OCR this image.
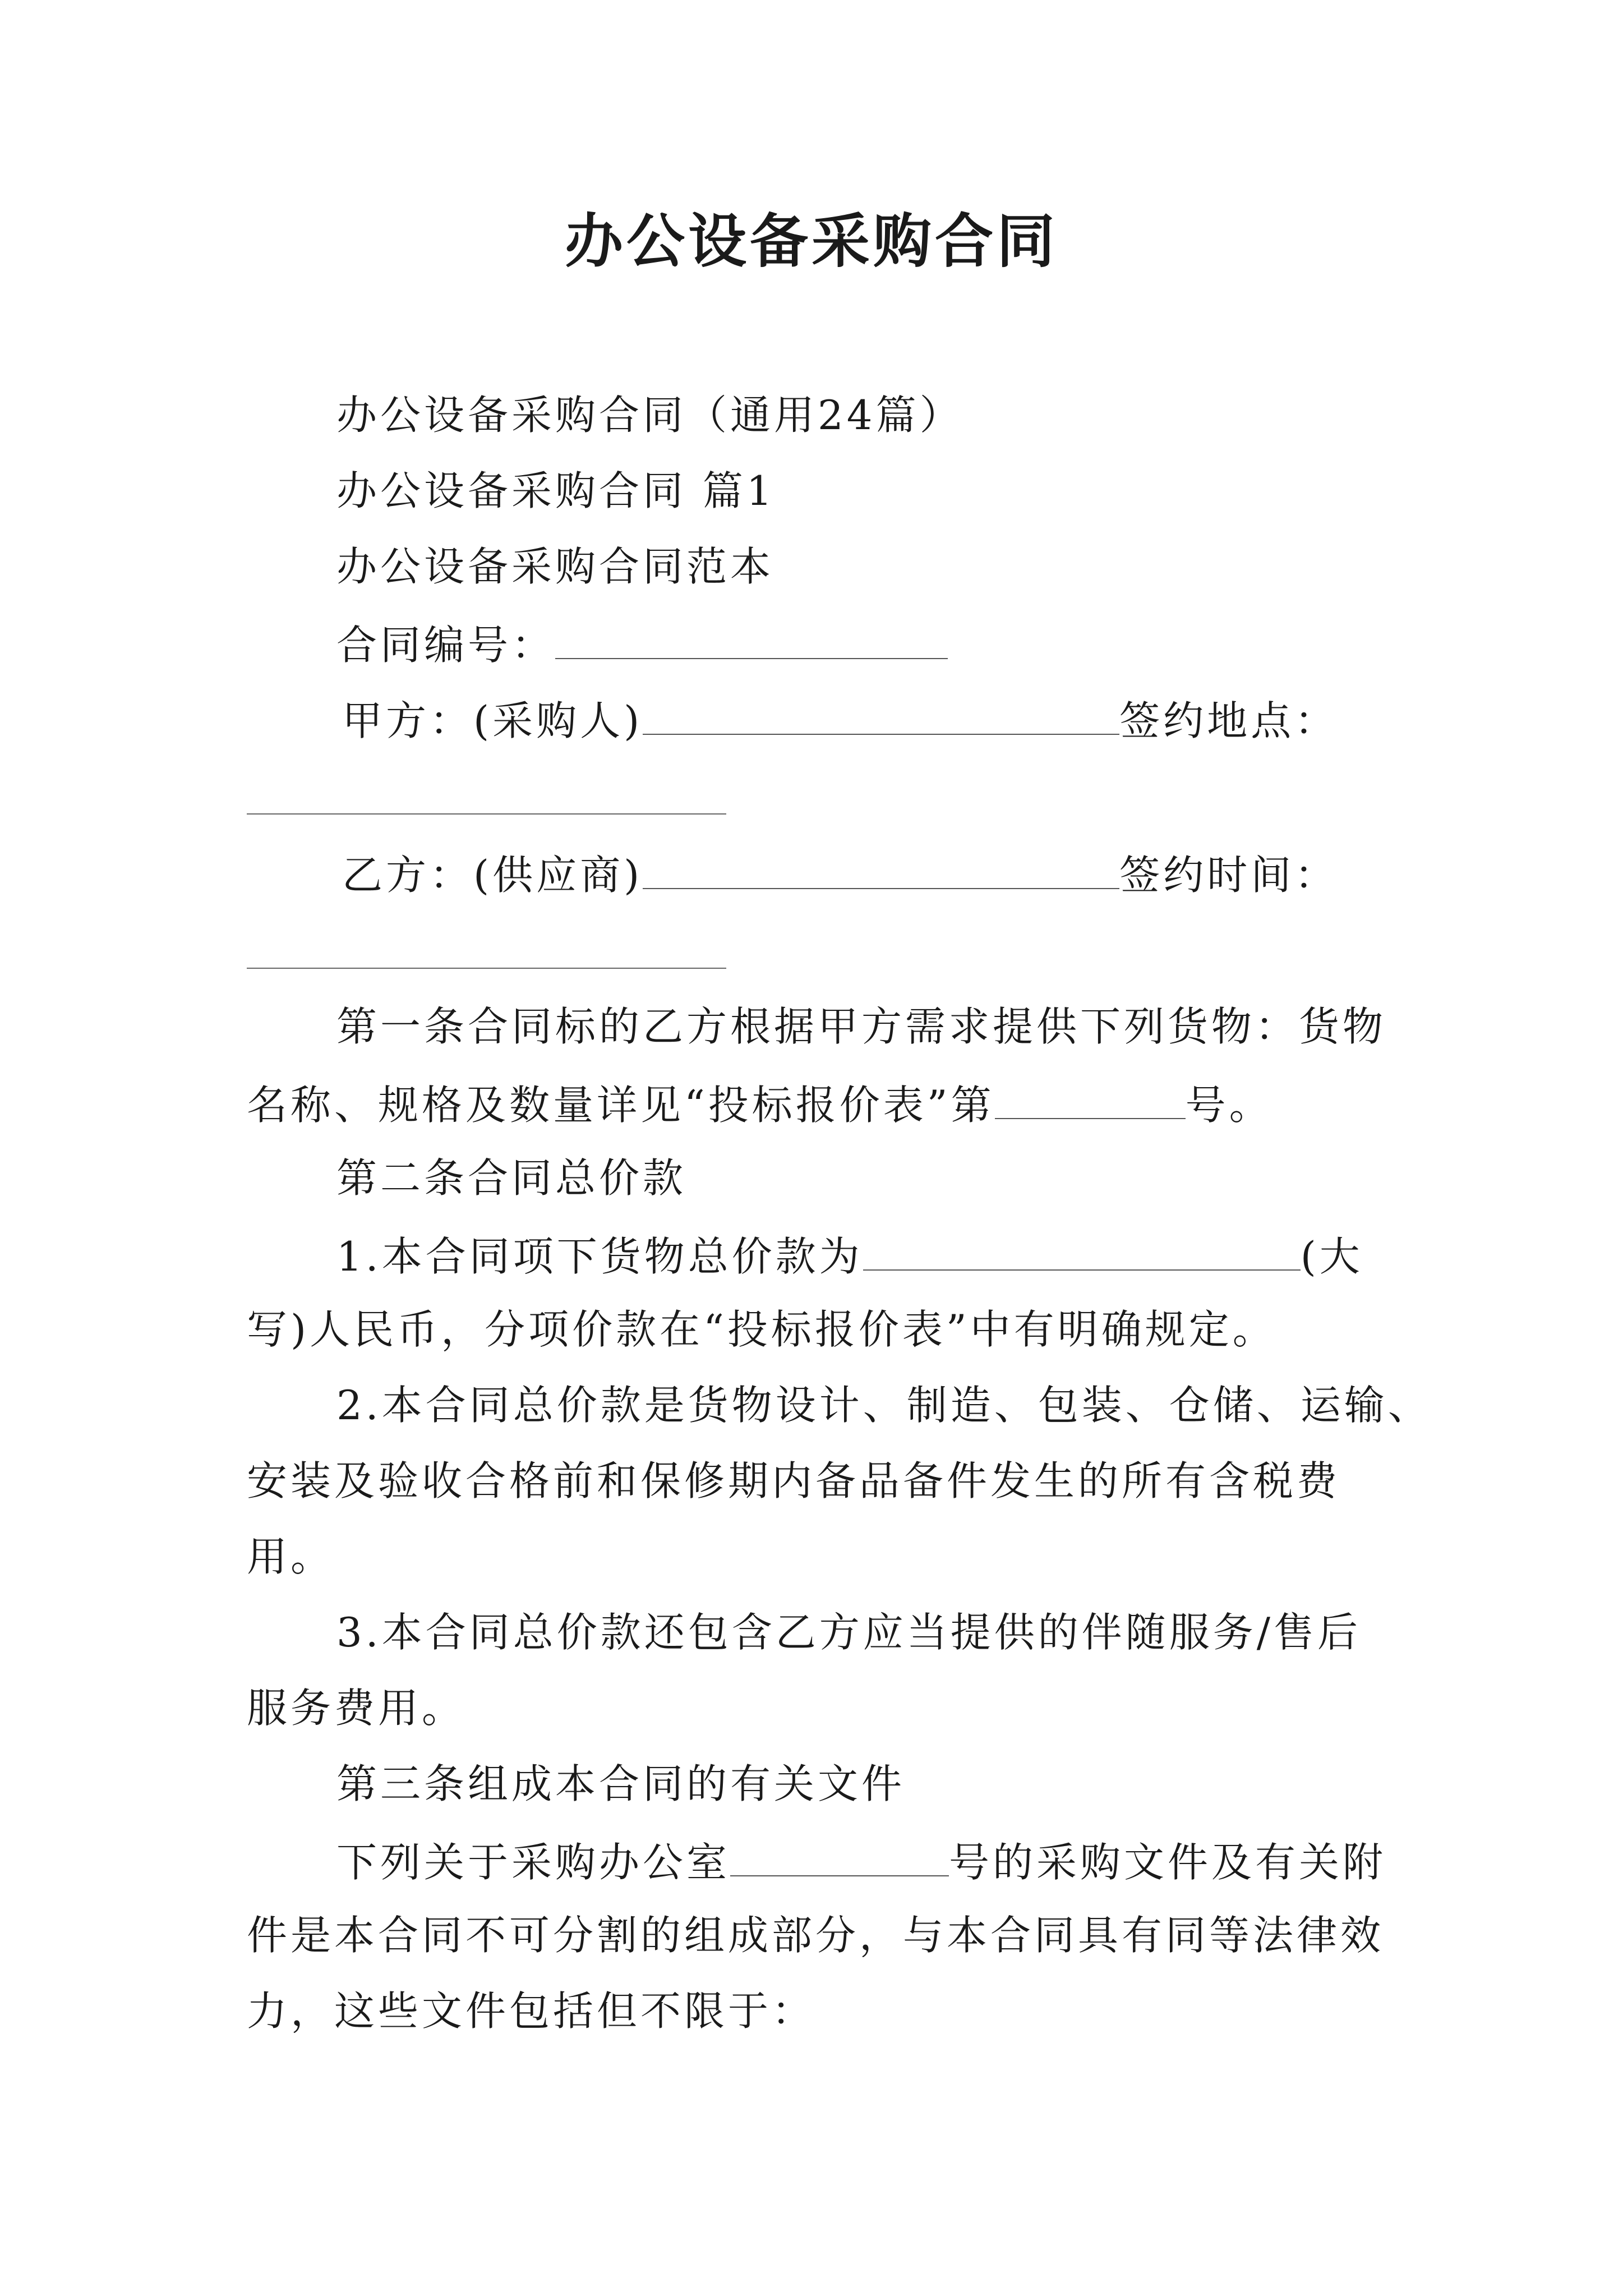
办公设备采购合同
办公设备采购合同（通用24篇）
办公设备采购合同 篇1
办公设备采购合同范本
合同编号：
甲方：(采购人)	签约地点：
乙方：(供应商)	签约时间：
第一条合同标的乙方根据甲方需求提供下列货物：货物
名称、规格及数量详见“投标报价表”第	号。
第二条合同总价款
1.本合同项下货物总价款为	(大
写)人民币，分项价款在“投标报价表”中有明确规定。
2.本合同总价款是货物设计、制造、包装、仓储、运输、
安装及验收合格前和保修期内备品备件发生的所有含税费
用。
3.本合同总价款还包含乙方应当提供的伴随服务/售后
服务费用。
第三条组成本合同的有关文件
下列关于采购办公室	号的采购文件及有关附
件是本合同不可分割的组成部分，与本合同具有同等法律效
力，这些文件包括但不限于：
